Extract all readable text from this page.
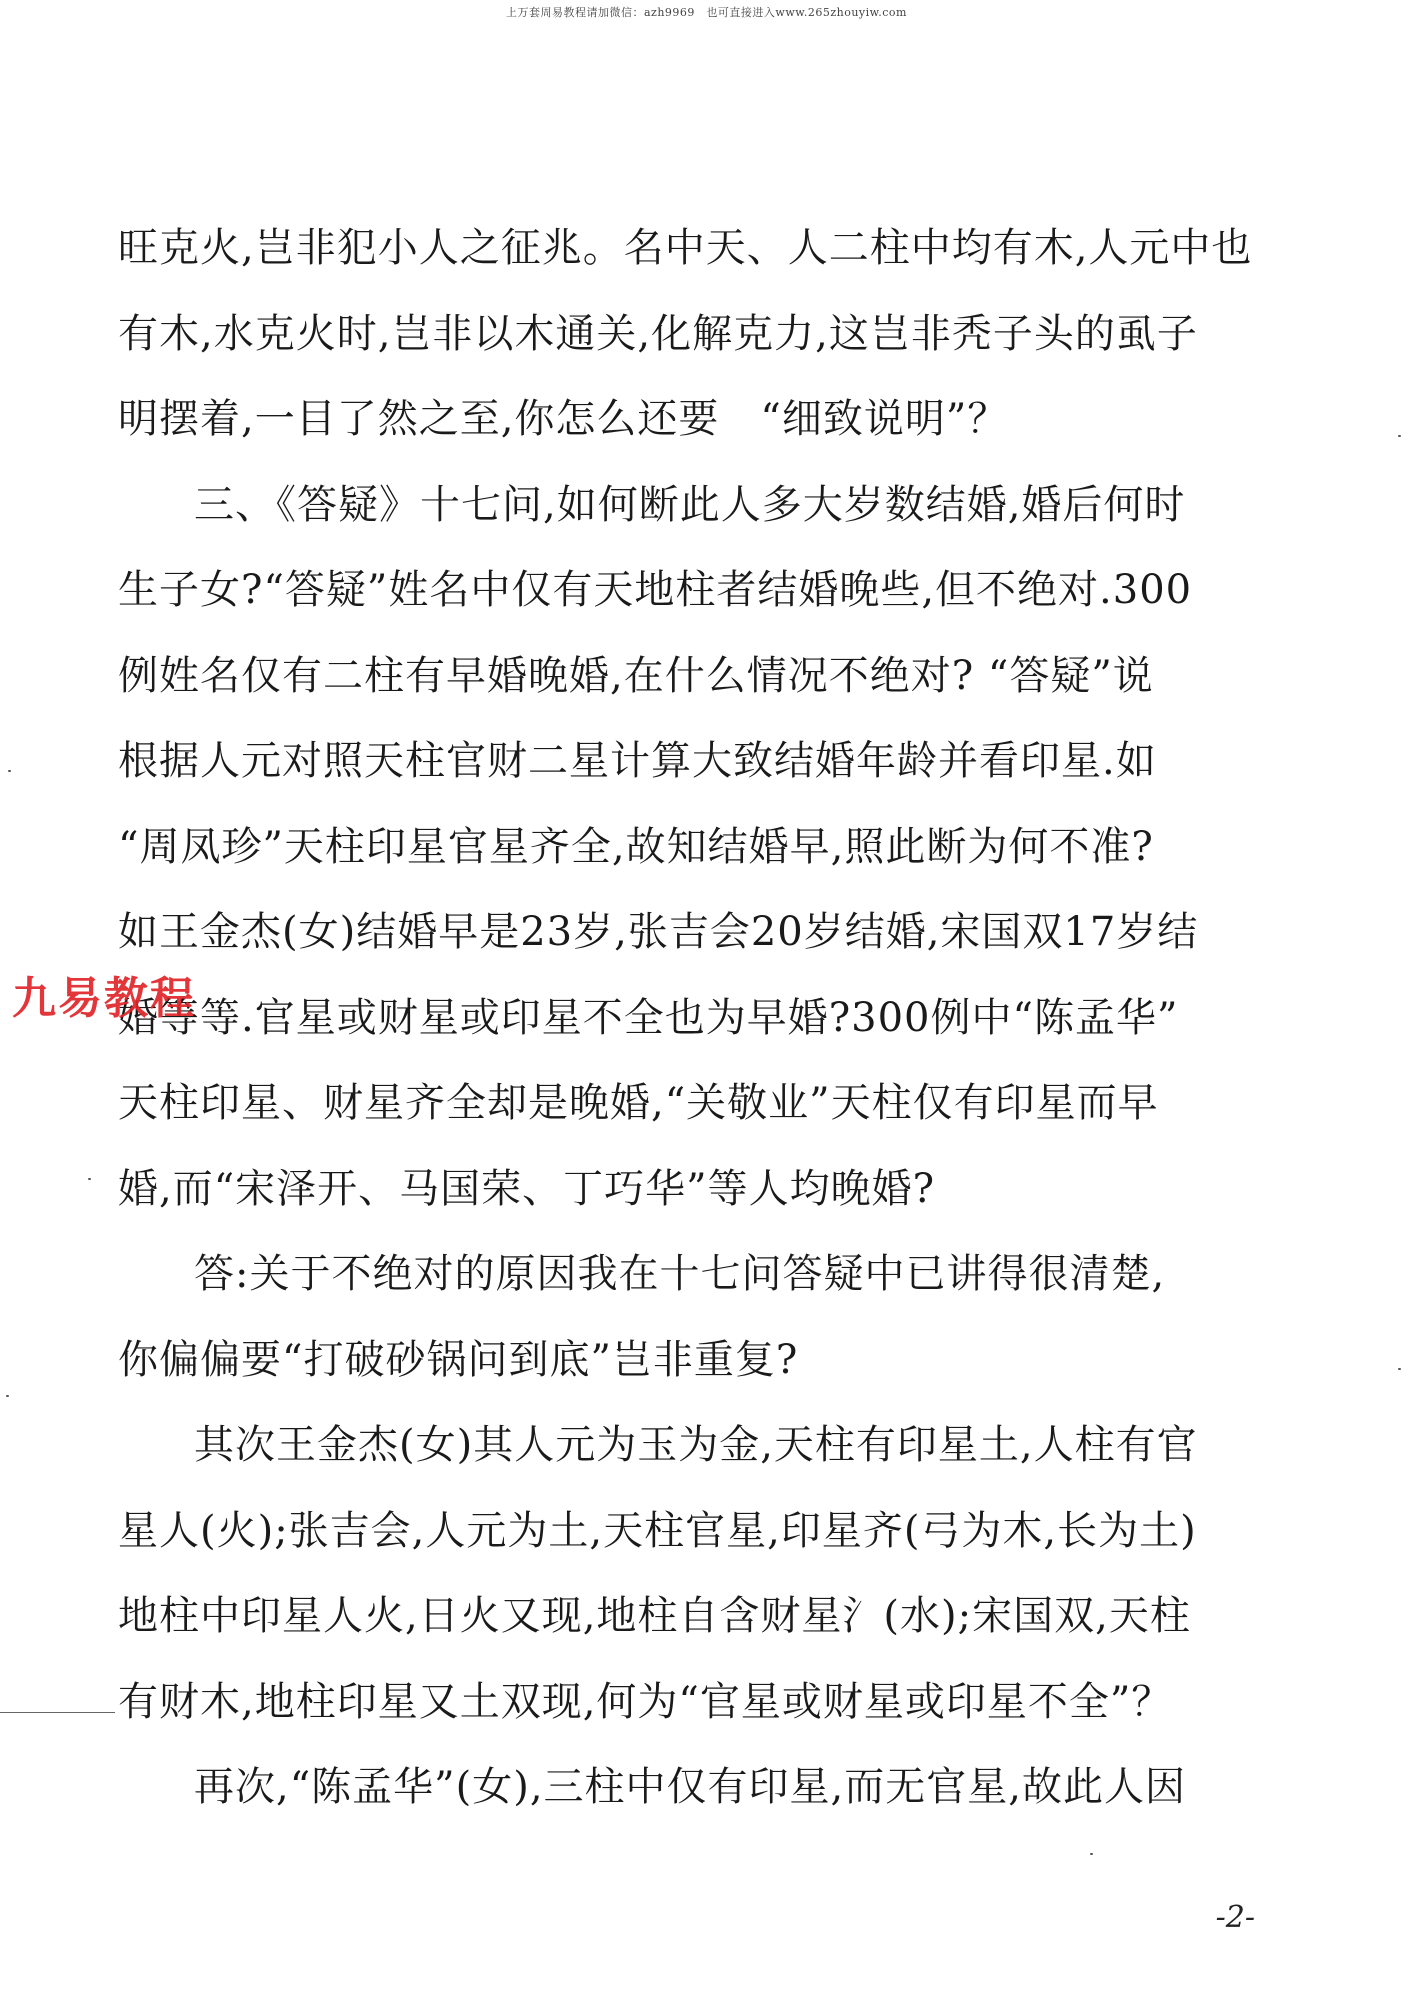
上万套周易教程请加微信：azh9969　也可直接进入www.265zhouyiw.com
旺克火,岂非犯小人之征兆。名中天、人二柱中均有木,人元中也
有木,水克火时,岂非以木通关,化解克力,这岂非秃子头的虱子
明摆着,一目了然之至,你怎么还要　“细致说明”？
三、《答疑》十七问,如何断此人多大岁数结婚,婚后何时
生子女?“答疑”姓名中仅有天地柱者结婚晚些,但不绝对.300
例姓名仅有二柱有早婚晚婚,在什么情况不绝对? “答疑”说
根据人元对照天柱官财二星计算大致结婚年龄并看印星.如
“周凤珍”天柱印星官星齐全,故知结婚早,照此断为何不准?
如王金杰(女)结婚早是23岁,张吉会20岁结婚,宋国双17岁结
婚等等.官星或财星或印星不全也为早婚?300例中“陈孟华”
天柱印星、财星齐全却是晚婚,“关敬业”天柱仅有印星而早
婚,而“宋泽开、马国荣、丁巧华”等人均晚婚?
答:关于不绝对的原因我在十七问答疑中已讲得很清楚,
你偏偏要“打破砂锅问到底”岂非重复?
其次王金杰(女)其人元为玉为金,天柱有印星土,人柱有官
星人(火);张吉会,人元为土,天柱官星,印星齐(弓为木,长为土)
地柱中印星人火,日火又现,地柱自含财星氵(水);宋国双,天柱
有财木,地柱印星又土双现,何为“官星或财星或印星不全”？
再次,“陈孟华”(女),三柱中仅有印星,而无官星,故此人因
九易教程
-2-
